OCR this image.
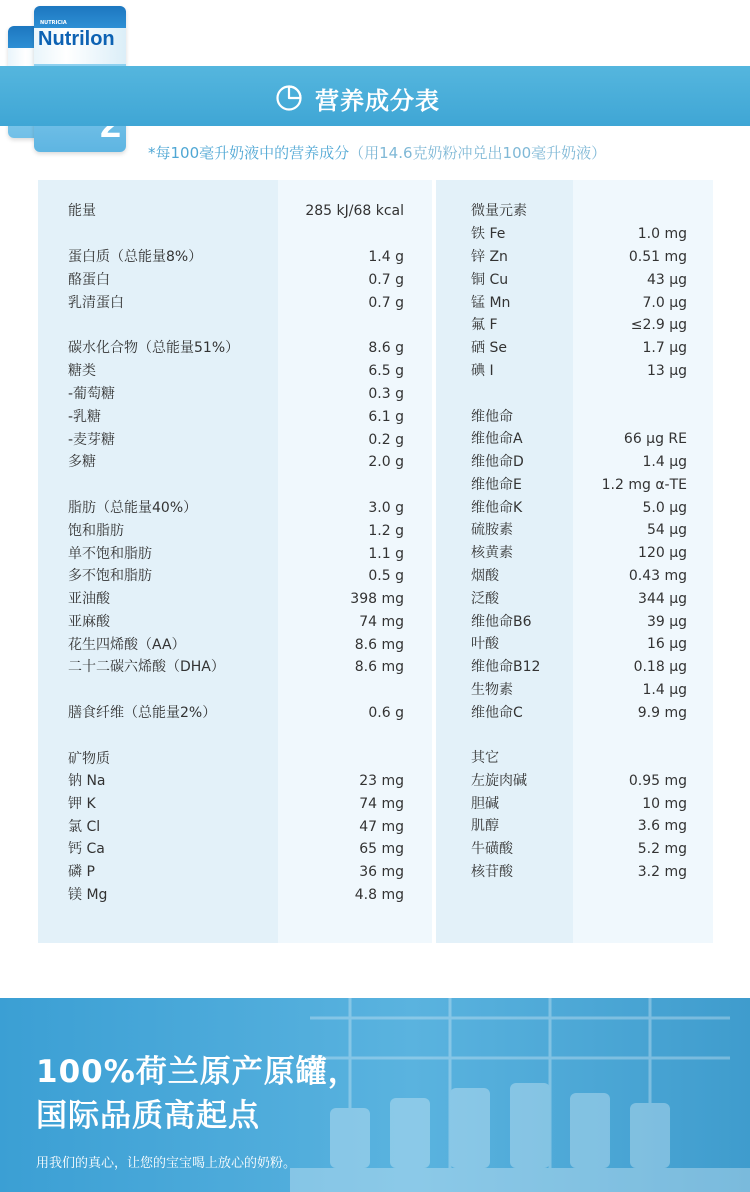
NUTRICIA
Nutrilon
营养成分表
*每100毫升奶液中的营养成分（用14.6克奶粉冲兑出100毫升奶液）
能量	285 kJ/68 kcal
蛋白质（总能量8%）	1.4 g
酪蛋白	0.7 g
乳清蛋白	0.7 g
碳水化合物（总能量51%）	8.6 g
糖类	6.5 g
-葡萄糖	0.3 g
-乳糖	6.1 g
-麦芽糖	0.2 g
多糖	2.0 g
脂肪（总能量40%）	3.0 g
饱和脂肪	1.2 g
单不饱和脂肪	1.1 g
多不饱和脂肪	0.5 g
亚油酸	398 mg
亚麻酸	74 mg
花生四烯酸（AA）	8.6 mg
二十二碳六烯酸（DHA）	8.6 mg
膳食纤维（总能量2%）	0.6 g
矿物质
钠 Na	23 mg
钾 K	74 mg
氯 Cl	47 mg
钙 Ca	65 mg
磷 P	36 mg
镁 Mg	4.8 mg
微量元素
铁 Fe	1.0 mg
锌 Zn	0.51 mg
铜 Cu	43 μg
锰 Mn	7.0 μg
氟 F	≤2.9 μg
硒 Se	1.7 μg
碘 I	13 μg
维他命
维他命A	66 μg RE
维他命D	1.4 μg
维他命E	1.2 mg α-TE
维他命K	5.0 μg
硫胺素	54 μg
核黄素	120 μg
烟酸	0.43 mg
泛酸	344 μg
维他命B6	39 μg
叶酸	16 μg
维他命B12	0.18 μg
生物素	1.4 μg
维他命C	9.9 mg
其它
左旋肉碱	0.95 mg
胆碱	10 mg
肌醇	3.6 mg
牛磺酸	5.2 mg
核苷酸	3.2 mg
100%荷兰原产原罐，
国际品质高起点
用我们的真心，让您的宝宝喝上放心的奶粉。
